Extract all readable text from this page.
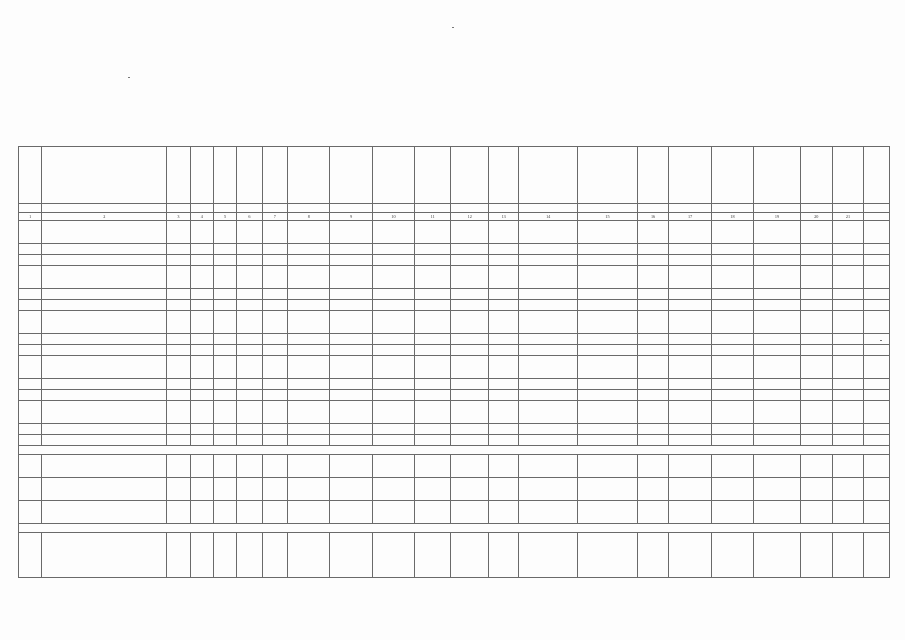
1	2	3	4	5	6	7	8	9	10	11	12	13	14	15	16	17	18	19	20	21	
